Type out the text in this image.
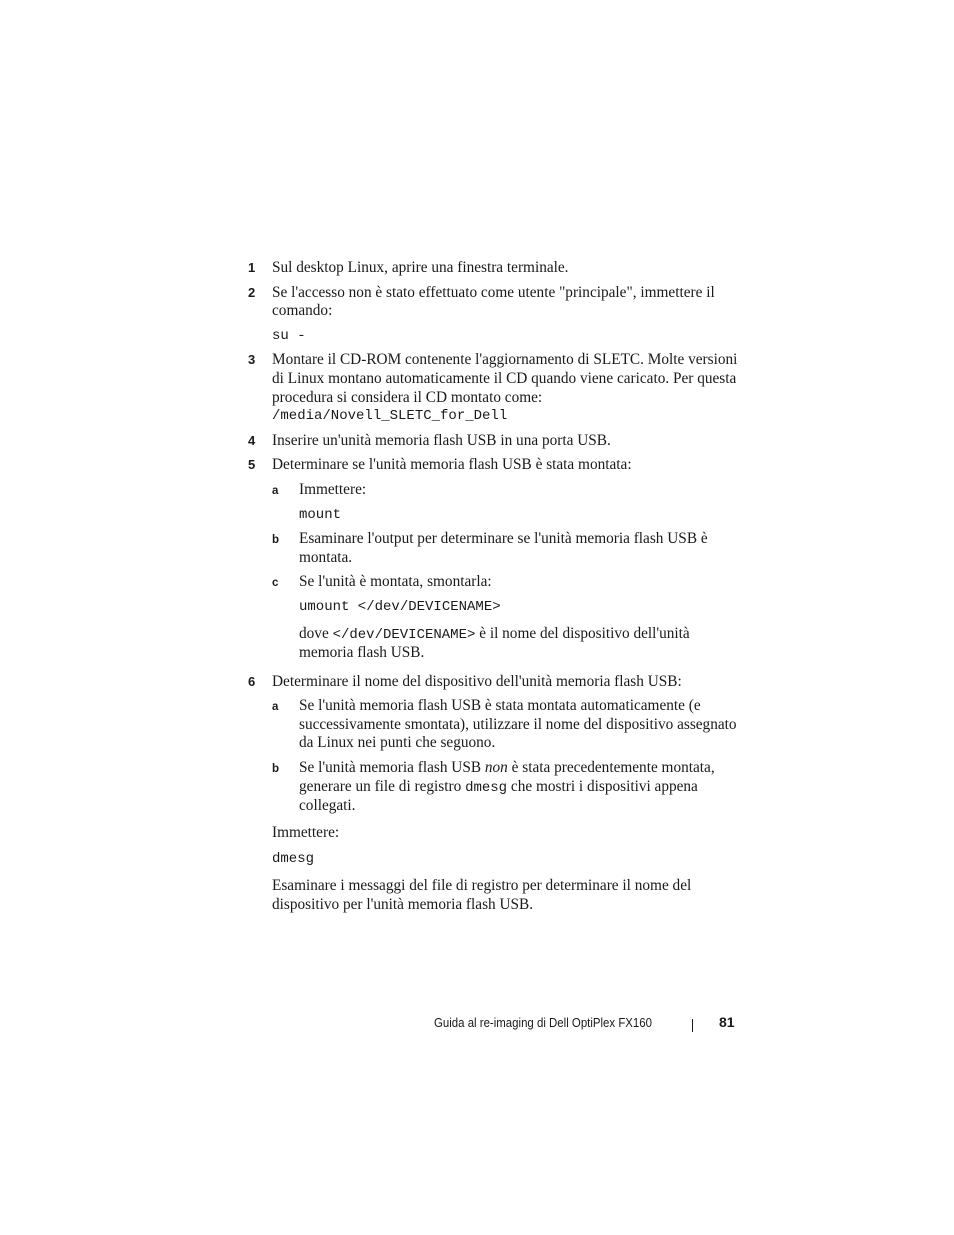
1 Sul desktop Linux, aprire una finestra terminale.
2 Se l'accesso non è stato effettuato come utente "principale", immettere il comando:
su -
3 Montare il CD-ROM contenente l'aggiornamento di SLETC. Molte versioni di Linux montano automaticamente il CD quando viene caricato. Per questa procedura si considera il CD montato come:
/media/Novell_SLETC_for_Dell
4 Inserire un'unità memoria flash USB in una porta USB.
5 Determinare se l'unità memoria flash USB è stata montata:
a Immettere:
mount
b Esaminare l'output per determinare se l'unità memoria flash USB è montata.
c Se l'unità è montata, smontarla:
umount </dev/DEVICENAME>
dove </dev/DEVICENAME> è il nome del dispositivo dell'unità memoria flash USB.
6 Determinare il nome del dispositivo dell'unità memoria flash USB:
a Se l'unità memoria flash USB è stata montata automaticamente (e successivamente smontata), utilizzare il nome del dispositivo assegnato da Linux nei punti che seguono.
b Se l'unità memoria flash USB non è stata precedentemente montata, generare un file di registro dmesg che mostri i dispositivi appena collegati.
Immettere:
dmesg
Esaminare i messaggi del file di registro per determinare il nome del dispositivo per l'unità memoria flash USB.
Guida al re-imaging di Dell OptiPlex FX160	81
